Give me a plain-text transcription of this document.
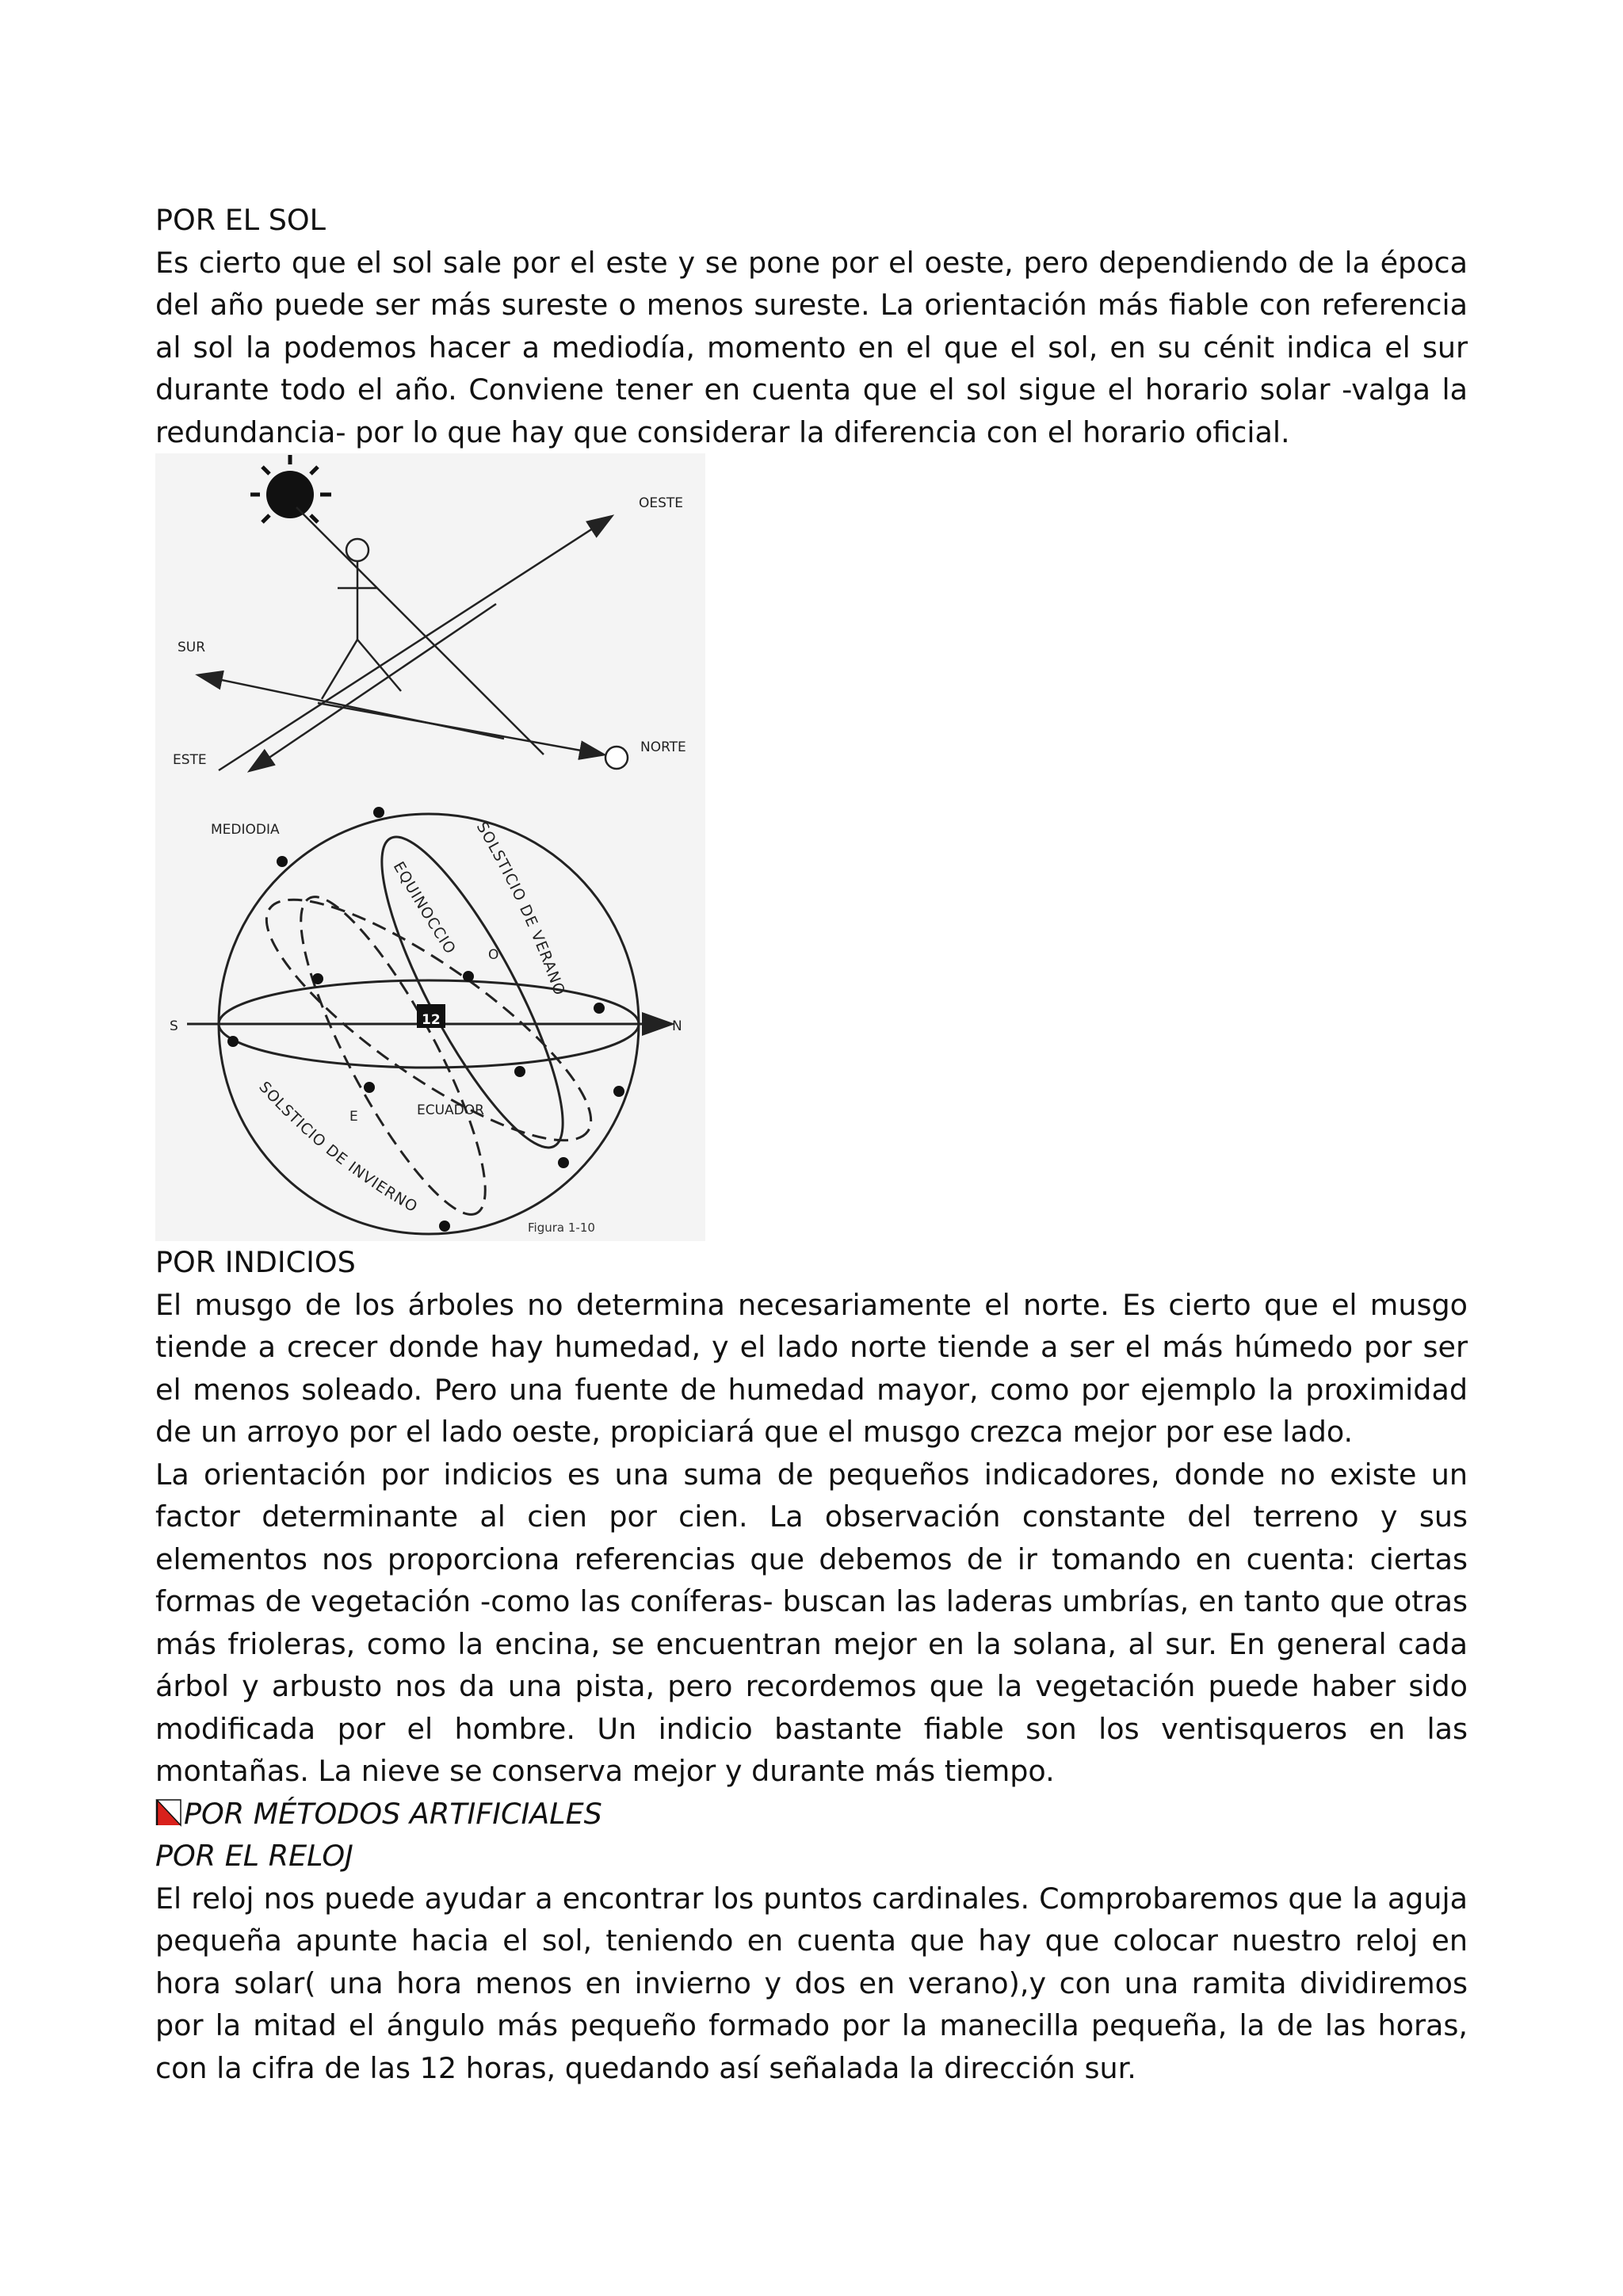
POR EL SOL

Es cierto que el sol sale por el este y se pone por el oeste, pero dependiendo de la época del año puede ser más sureste o menos sureste. La orientación más fiable con referencia al sol la podemos hacer a mediodía, momento en el que el sol, en su cénit indica el sur durante todo el año. Conviene tener en cuenta que el sol sigue el horario solar -valga la redundancia- por lo que hay que considerar la diferencia con el horario oficial.

OESTE
SUR
ESTE
NORTE
12
MEDIODIA
S	N
O
E	ECUADOR
SOLSTICIO DE VERANO
EQUINOCCIO
SOLSTICIO DE INVIERNO
Figura 1-10

POR INDICIOS

El musgo de los árboles no determina necesariamente el norte. Es cierto que el musgo tiende a crecer donde hay humedad, y el lado norte tiende a ser el más húmedo por ser el menos soleado. Pero una fuente de humedad mayor, como por ejemplo la proximidad de un arroyo por el lado oeste, propiciará que el musgo crezca mejor por ese lado.

La orientación por indicios es una suma de pequeños indicadores, donde no existe un factor determinante al cien por cien. La observación constante del terreno y sus elementos nos proporciona referencias que debemos de ir tomando en cuenta: ciertas formas de vegetación -como las coníferas- buscan las laderas umbrías, en tanto que otras más frioleras, como la encina, se encuentran mejor en la solana, al sur. En general cada árbol y arbusto nos da una pista, pero recordemos que la vegetación puede haber sido modificada por el hombre. Un indicio bastante fiable son los ventisqueros en las montañas. La nieve se conserva mejor y durante más tiempo.

POR MÉTODOS ARTIFICIALES

POR EL RELOJ

El reloj nos puede ayudar a encontrar los puntos cardinales. Comprobaremos que la aguja pequeña apunte hacia el sol, teniendo en cuenta que hay que colocar nuestro reloj en hora solar( una hora menos en invierno y dos en verano),y con una ramita dividiremos por la mitad el ángulo más pequeño formado por la manecilla pequeña, la de las horas, con la cifra de las 12 horas, quedando así señalada la dirección sur.
